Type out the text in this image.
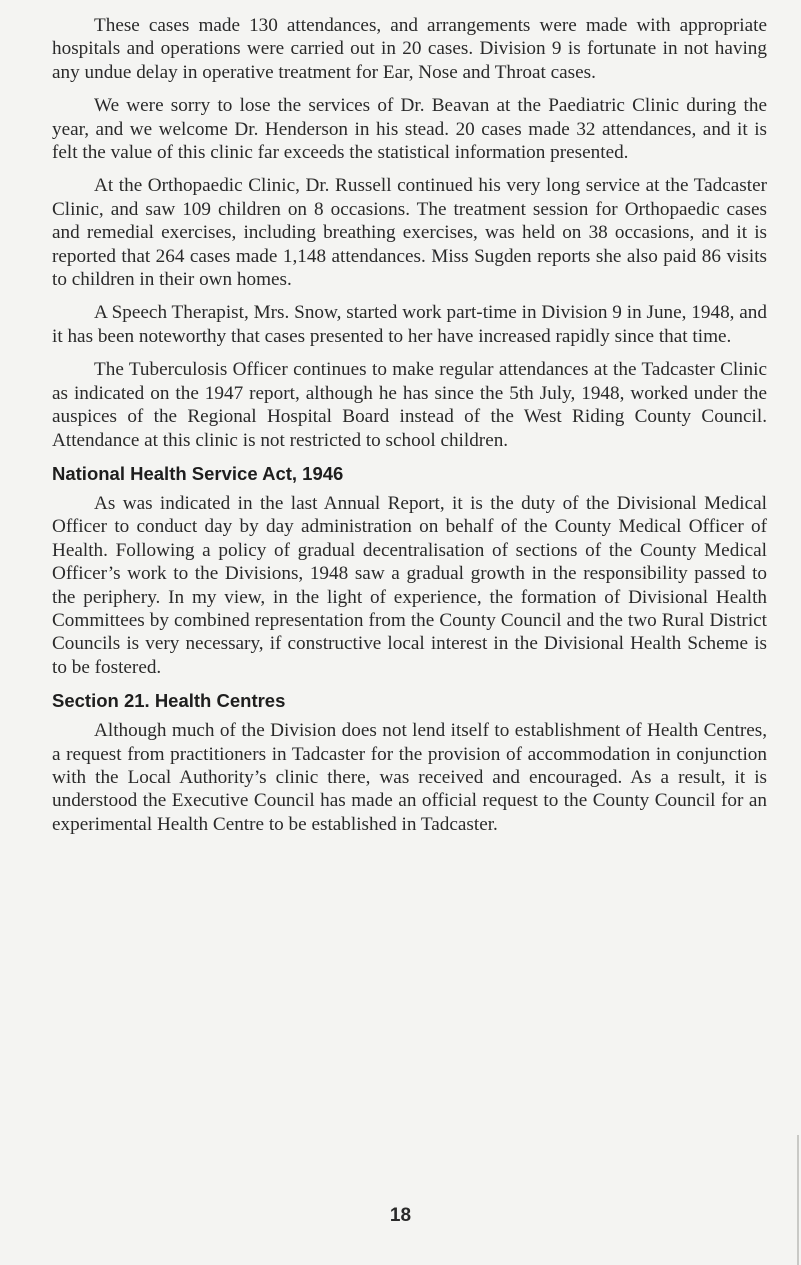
These cases made 130 attendances, and arrangements were made with appropriate hospitals and operations were carried out in 20 cases. Division 9 is fortunate in not having any undue delay in operative treatment for Ear, Nose and Throat cases.

We were sorry to lose the services of Dr. Beavan at the Paediatric Clinic during the year, and we welcome Dr. Henderson in his stead. 20 cases made 32 attendances, and it is felt the value of this clinic far exceeds the statistical information presented.

At the Orthopaedic Clinic, Dr. Russell continued his very long service at the Tadcaster Clinic, and saw 109 children on 8 occasions. The treatment session for Orthopaedic cases and remedial exercises, including breathing exercises, was held on 38 occasions, and it is reported that 264 cases made 1,148 attendances. Miss Sugden reports she also paid 86 visits to children in their own homes.

A Speech Therapist, Mrs. Snow, started work part-time in Division 9 in June, 1948, and it has been noteworthy that cases presented to her have increased rapidly since that time.

The Tuberculosis Officer continues to make regular attendances at the Tadcaster Clinic as indicated on the 1947 report, although he has since the 5th July, 1948, worked under the auspices of the Regional Hospital Board instead of the West Riding County Council. Attendance at this clinic is not restricted to school children.

National Health Service Act, 1946

As was indicated in the last Annual Report, it is the duty of the Divisional Medical Officer to conduct day by day administration on behalf of the County Medical Officer of Health. Following a policy of gradual decentralisation of sections of the County Medical Officer’s work to the Divisions, 1948 saw a gradual growth in the responsibility passed to the periphery. In my view, in the light of experience, the formation of Divisional Health Committees by combined representation from the County Council and the two Rural District Councils is very necessary, if constructive local interest in the Divisional Health Scheme is to be fostered.

Section 21. Health Centres

Although much of the Division does not lend itself to establishment of Health Centres, a request from practitioners in Tadcaster for the provision of accommodation in conjunction with the Local Authority’s clinic there, was received and encouraged. As a result, it is understood the Executive Council has made an official request to the County Council for an experimental Health Centre to be established in Tadcaster.

18
